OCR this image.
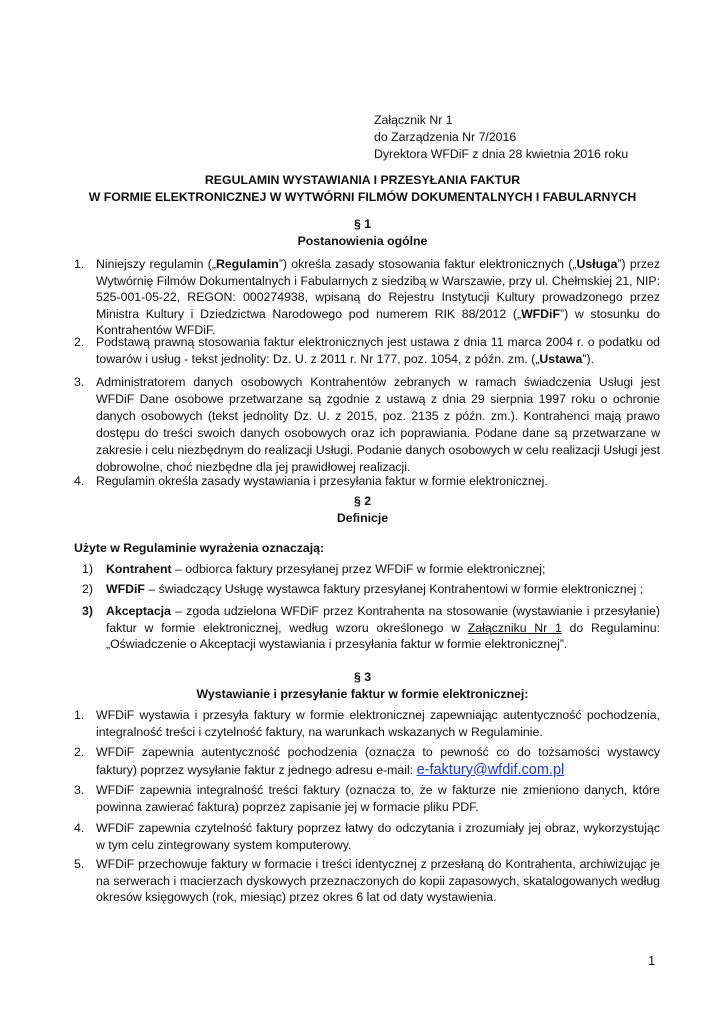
Załącznik Nr 1
do Zarządzenia Nr 7/2016
Dyrektora WFDiF z dnia 28 kwietnia 2016 roku
REGULAMIN WYSTAWIANIA I PRZESYŁANIA FAKTUR
W FORMIE ELEKTRONICZNEJ W WYTWÓRNI FILMÓW DOKUMENTALNYCH I FABULARNYCH
§ 1
Postanowienia ogólne
1. Niniejszy regulamin („Regulamin”) określa zasady stosowania faktur elektronicznych („Usługa”) przez Wytwórnię Filmów Dokumentalnych i Fabularnych z siedzibą w Warszawie, przy ul. Chełmskiej 21, NIP: 525-001-05-22, REGON: 000274938, wpisaną do Rejestru Instytucji Kultury prowadzonego przez Ministra Kultury i Dziedzictwa Narodowego pod numerem RIK 88/2012 („WFDiF”) w stosunku do Kontrahentów WFDiF.
2. Podstawą prawną stosowania faktur elektronicznych jest ustawa z dnia 11 marca 2004 r. o podatku od towarów i usług - tekst jednolity: Dz. U. z 2011 r. Nr 177, poz. 1054, z późn. zm. („Ustawa”).
3. Administratorem danych osobowych Kontrahentów zebranych w ramach świadczenia Usługi jest WFDiF Dane osobowe przetwarzane są zgodnie z ustawą z dnia 29 sierpnia 1997 roku o ochronie danych osobowych (tekst jednolity Dz. U. z 2015, poz. 2135 z późn. zm.). Kontrahenci mają prawo dostępu do treści swoich danych osobowych oraz ich poprawiania. Podane dane są przetwarzane w zakresie i celu niezbędnym do realizacji Usługi. Podanie danych osobowych w celu realizacji Usługi jest dobrowolne, choć niezbędne dla jej prawidłowej realizacji.
4. Regulamin określa zasady wystawiania i przesyłania faktur w formie elektronicznej.
§ 2
Definicje
Użyte w Regulaminie wyrażenia oznaczają:
1) Kontrahent – odbiorca faktury przesyłanej przez WFDiF w formie elektronicznej;
2) WFDiF – świadczący Usługę wystawca faktury przesyłanej Kontrahentowi w formie elektronicznej ;
3) Akceptacja – zgoda udzielona WFDiF przez Kontrahenta na stosowanie (wystawianie i przesyłanie) faktur w formie elektronicznej, według wzoru określonego w Załączniku Nr 1 do Regulaminu: „Oświadczenie o Akceptacji wystawiania i przesyłania faktur w formie elektronicznej”.
§ 3
Wystawianie i przesyłanie faktur w formie elektronicznej:
1. WFDiF wystawia i przesyła faktury w formie elektronicznej zapewniając autentyczność pochodzenia, integralność treści i czytelność faktury, na warunkach wskazanych w Regulaminie.
2. WFDiF zapewnia autentyczność pochodzenia (oznacza to pewność co do tożsamości wystawcy faktury) poprzez wysyłanie faktur z jednego adresu e-mail: e-faktury@wfdif.com.pl
3. WFDiF zapewnia integralność treści faktury (oznacza to, że w fakturze nie zmieniono danych, które powinna zawierać faktura) poprzez zapisanie jej w formacie pliku PDF.
4. WFDiF zapewnia czytelność faktury poprzez łatwy do odczytania i zrozumiały jej obraz, wykorzystując w tym celu zintegrowany system komputerowy.
5. WFDiF przechowuje faktury w formacie i treści identycznej z przesłaną do Kontrahenta, archiwizując je na serwerach i macierzach dyskowych przeznaczonych do kopii zapasowych, skatalogowanych według okresów księgowych (rok, miesiąc) przez okres 6 lat od daty wystawienia.
1
